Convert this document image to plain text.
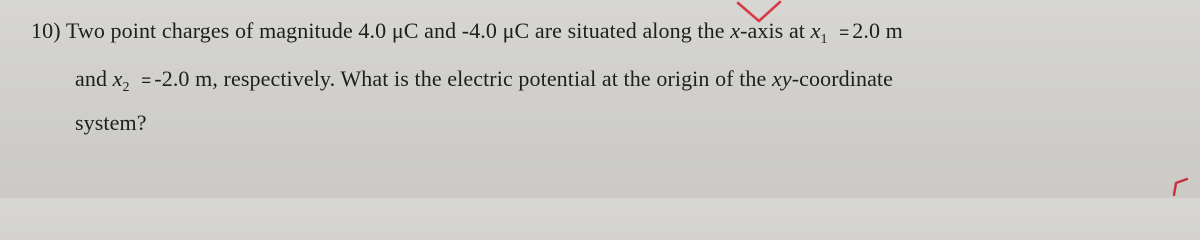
10) Two point charges of magnitude 4.0 μC and -4.0 μC are situated along the x-axis at $x_1 = 2.0$ m
and $x_2 = -2.0$ m, respectively. What is the electric potential at the origin of the xy-coordinate
system?
